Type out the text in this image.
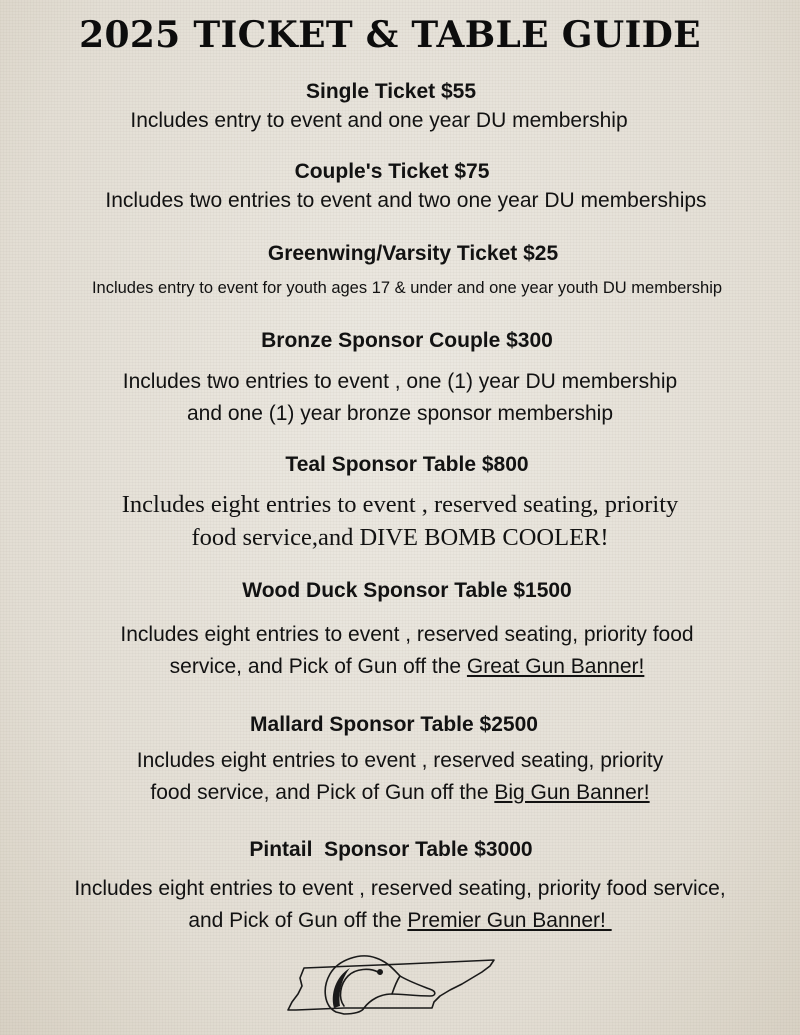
2025 TICKET & TABLE GUIDE
Single Ticket $55
Includes entry to event and one year DU membership
Couple's Ticket $75
Includes two entries to event and two one year DU memberships
Greenwing/Varsity Ticket $25
Includes entry to event for youth ages 17 & under and one year youth DU membership
Bronze Sponsor Couple $300
Includes two entries to event , one (1) year DU membership
and one (1) year bronze sponsor membership
Teal Sponsor Table $800
Includes eight entries to event , reserved seating, priority
food service,and DIVE BOMB COOLER!
Wood Duck Sponsor Table $1500
Includes eight entries to event , reserved seating, priority food
service, and Pick of Gun off the Great Gun Banner!
Mallard Sponsor Table $2500
Includes eight entries to event , reserved seating, priority
food service, and Pick of Gun off the Big Gun Banner!
Pintail  Sponsor Table $3000
Includes eight entries to event , reserved seating, priority food service,
and Pick of Gun off the Premier Gun Banner!
